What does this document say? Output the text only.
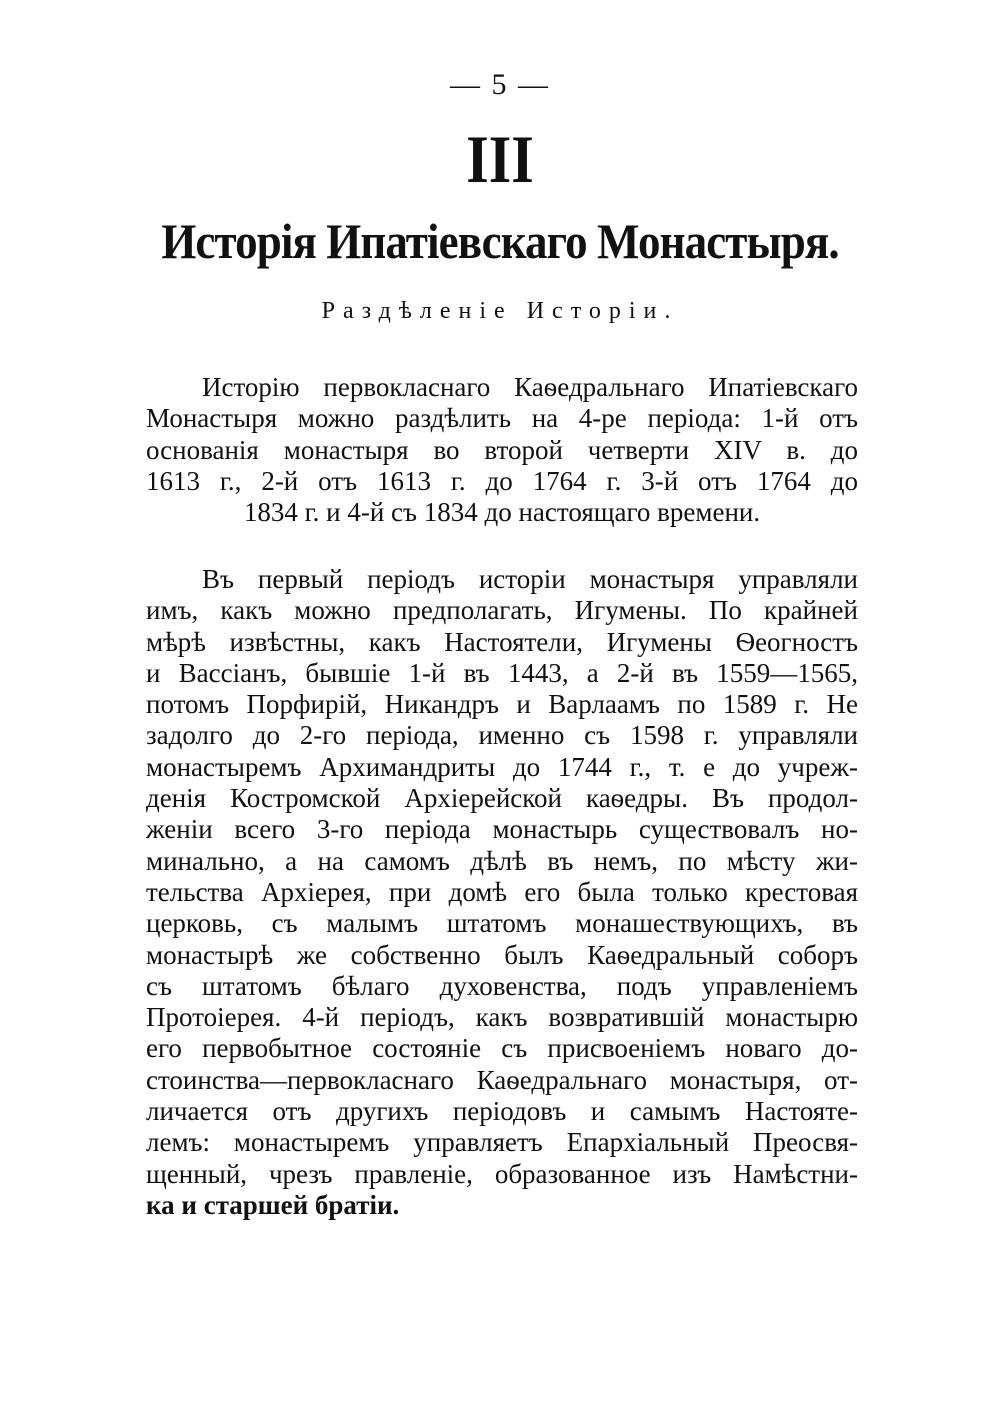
— 5 —
III
Исторія Ипатіевскаго Монастыря.
Раздѣленіе Исторіи.
Исторію первокласнаго Каѳедральнаго Ипатіевскаго
Монастыря можно раздѣлить на 4-ре періода: 1-й отъ
основанія монастыря во второй четверти XIV в. до
1613 г., 2-й отъ 1613 г. до 1764 г. 3-й отъ 1764 до
1834 г. и 4-й съ 1834 до настоящаго времени.
Въ первый періодъ исторіи монастыря управляли
имъ, какъ можно предполагать, Игумены. По крайней
мѣрѣ извѣстны, какъ Настоятели, Игумены Ѳеогностъ
и Вассіанъ, бывшіе 1-й въ 1443, а 2-й въ 1559—1565,
потомъ Порфирій, Никандръ и Варлаамъ по 1589 г. Не
задолго до 2-го періода, именно съ 1598 г. управляли
монастыремъ Архимандриты до 1744 г., т. е до учреж-
денія Костромской Архіерейской каѳедры. Въ продол-
женіи всего 3-го періода монастырь существовалъ но-
минально, а на самомъ дѣлѣ въ немъ, по мѣсту жи-
тельства Архіерея, при домѣ его была только крестовая
церковь, съ малымъ штатомъ монашествующихъ, въ
монастырѣ же собственно былъ Каѳедральный соборъ
съ штатомъ бѣлаго духовенства, подъ управленіемъ
Протоіерея. 4-й періодъ, какъ возвратившій монастырю
его первобытное состояніе съ присвоеніемъ новаго до-
стоинства—первокласнаго Каѳедральнаго монастыря, от-
личается отъ другихъ періодовъ и самымъ Настояте-
лемъ: монастыремъ управляетъ Епархіальный Преосвя-
щенный, чрезъ правленіе, образованное изъ Намѣстни-
ка и старшей братіи.
